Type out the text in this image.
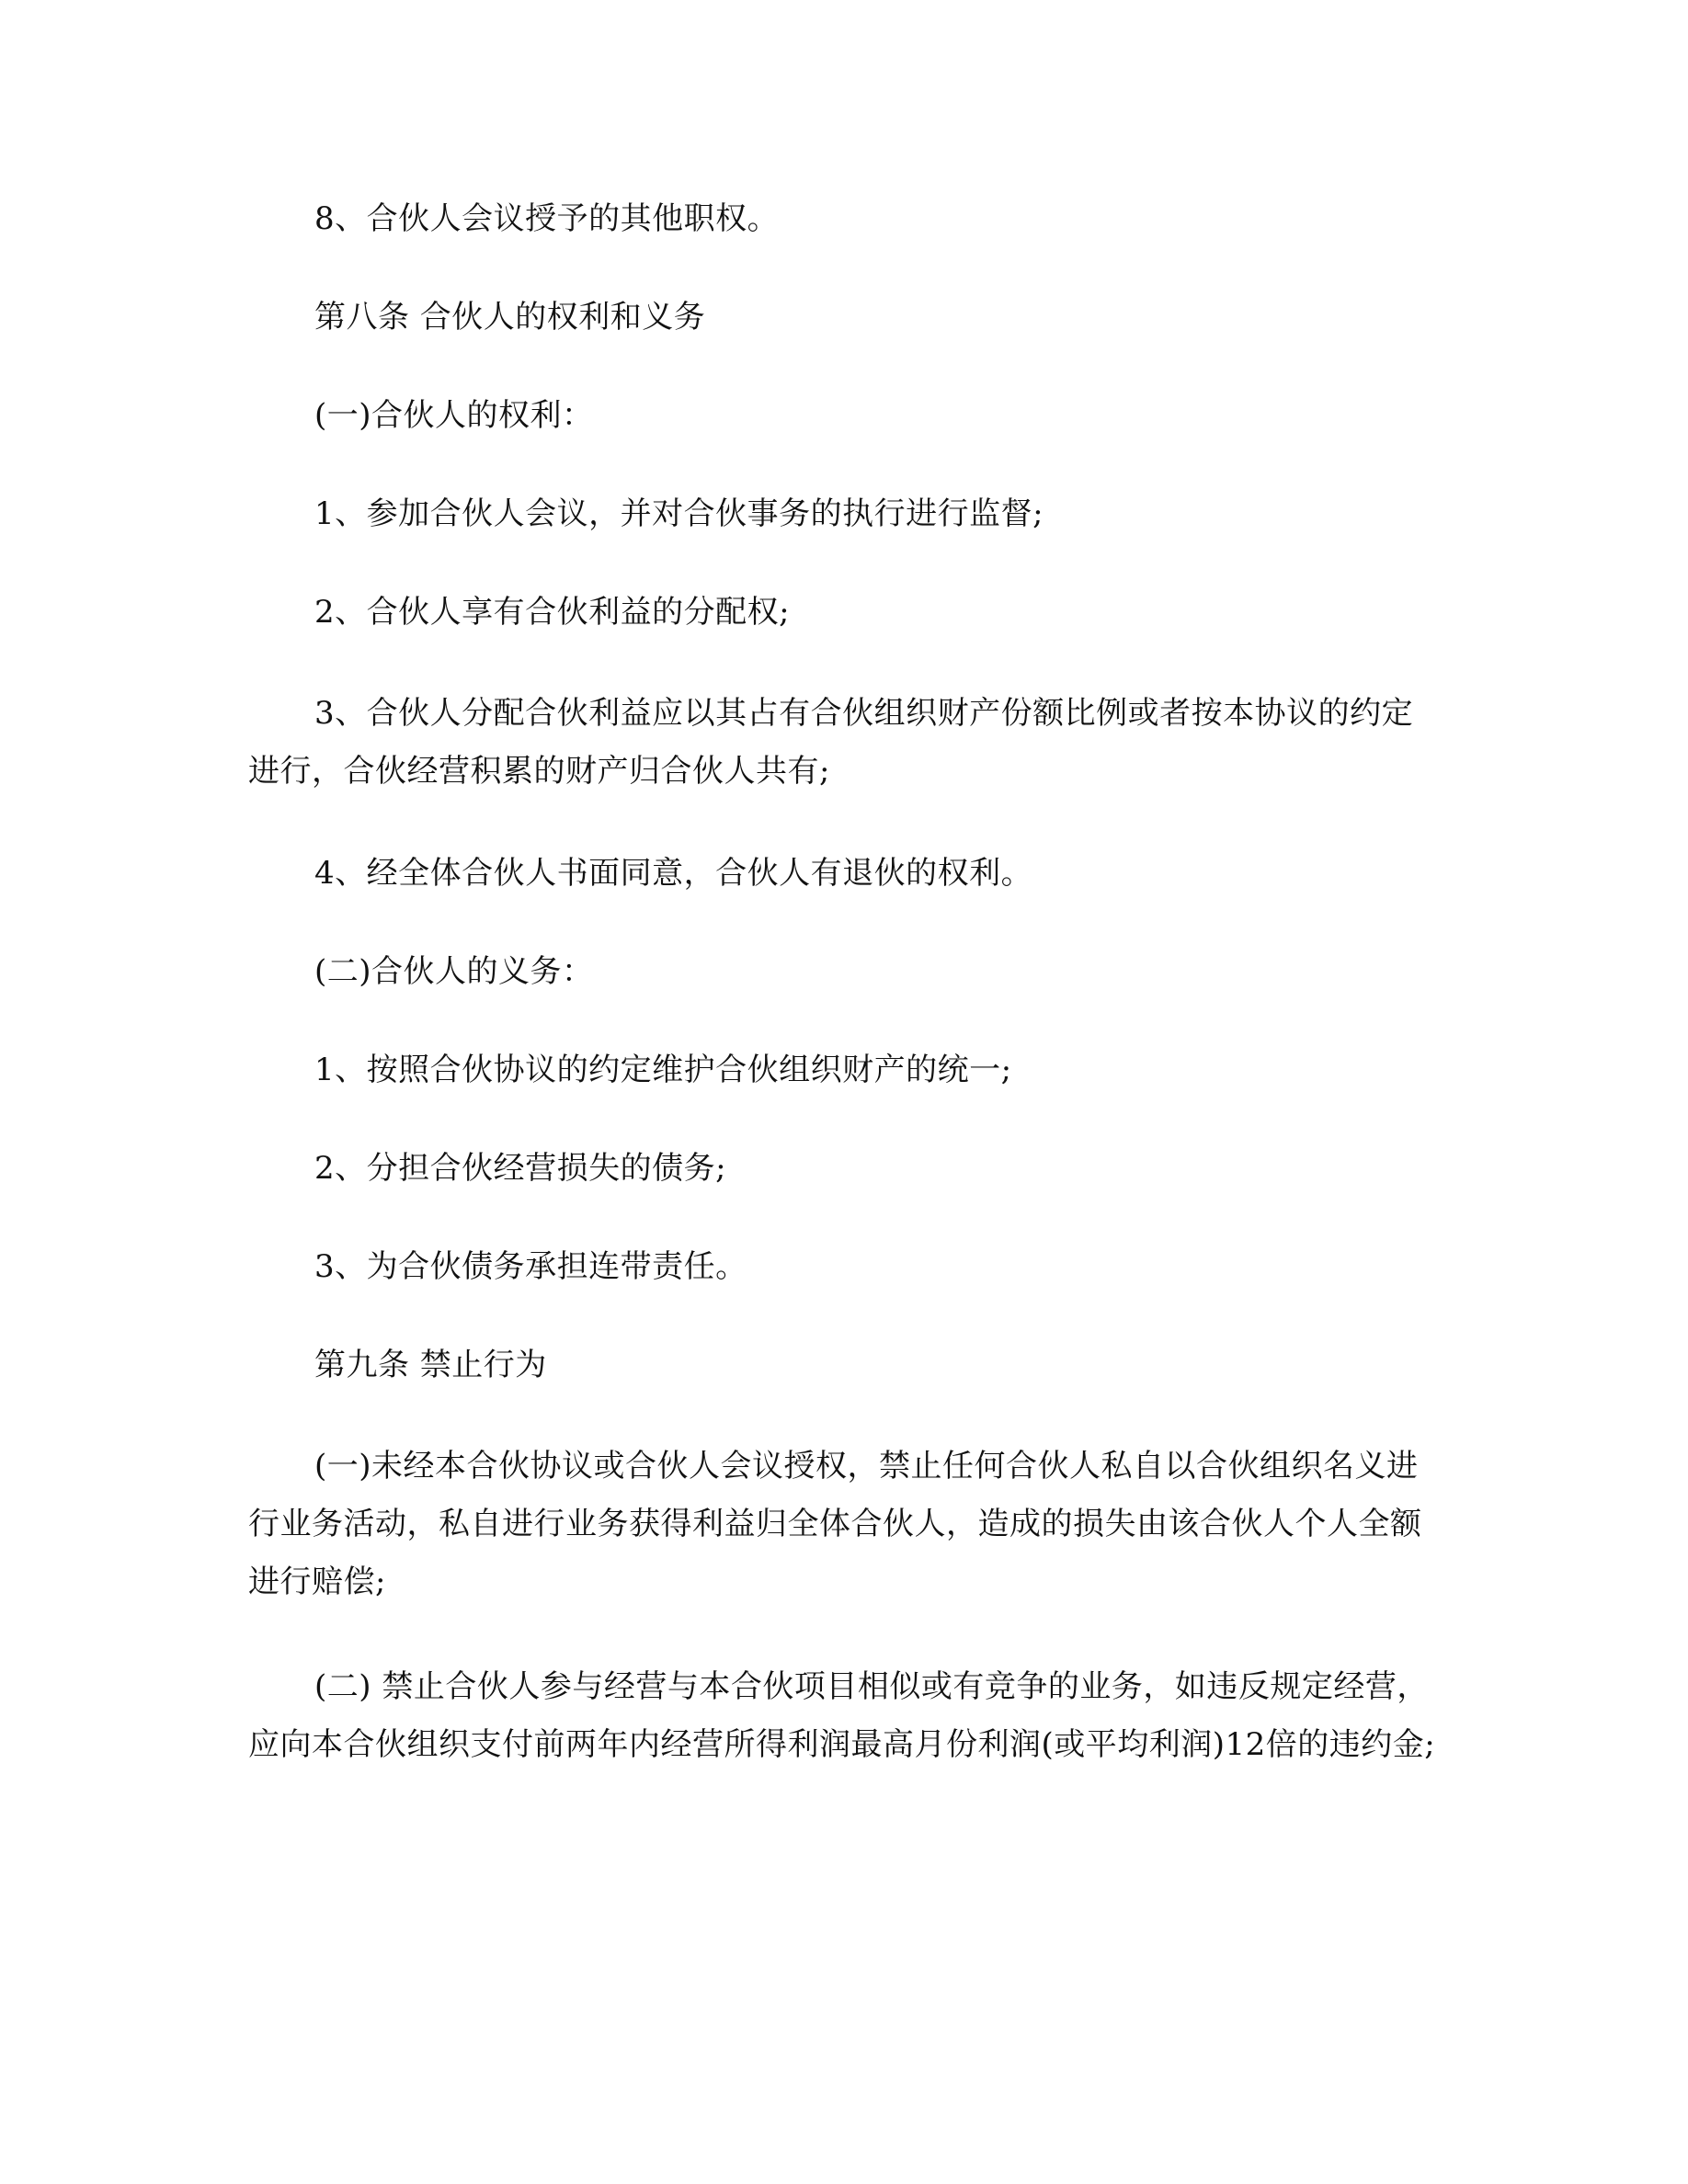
8、合伙人会议授予的其他职权。

第八条 合伙人的权利和义务

(一)合伙人的权利：

1、参加合伙人会议，并对合伙事务的执行进行监督;

2、合伙人享有合伙利益的分配权;

3、合伙人分配合伙利益应以其占有合伙组织财产份额比例或者按本协议的约定进行，合伙经营积累的财产归合伙人共有;

4、经全体合伙人书面同意，合伙人有退伙的权利。

(二)合伙人的义务：

1、按照合伙协议的约定维护合伙组织财产的统一;

2、分担合伙经营损失的债务;

3、为合伙债务承担连带责任。

第九条 禁止行为

(一)未经本合伙协议或合伙人会议授权，禁止任何合伙人私自以合伙组织名义进行业务活动，私自进行业务获得利益归全体合伙人，造成的损失由该合伙人个人全额进行赔偿;

(二) 禁止合伙人参与经营与本合伙项目相似或有竞争的业务，如违反规定经营，应向本合伙组织支付前两年内经营所得利润最高月份利润(或平均利润)12倍的违约金;
